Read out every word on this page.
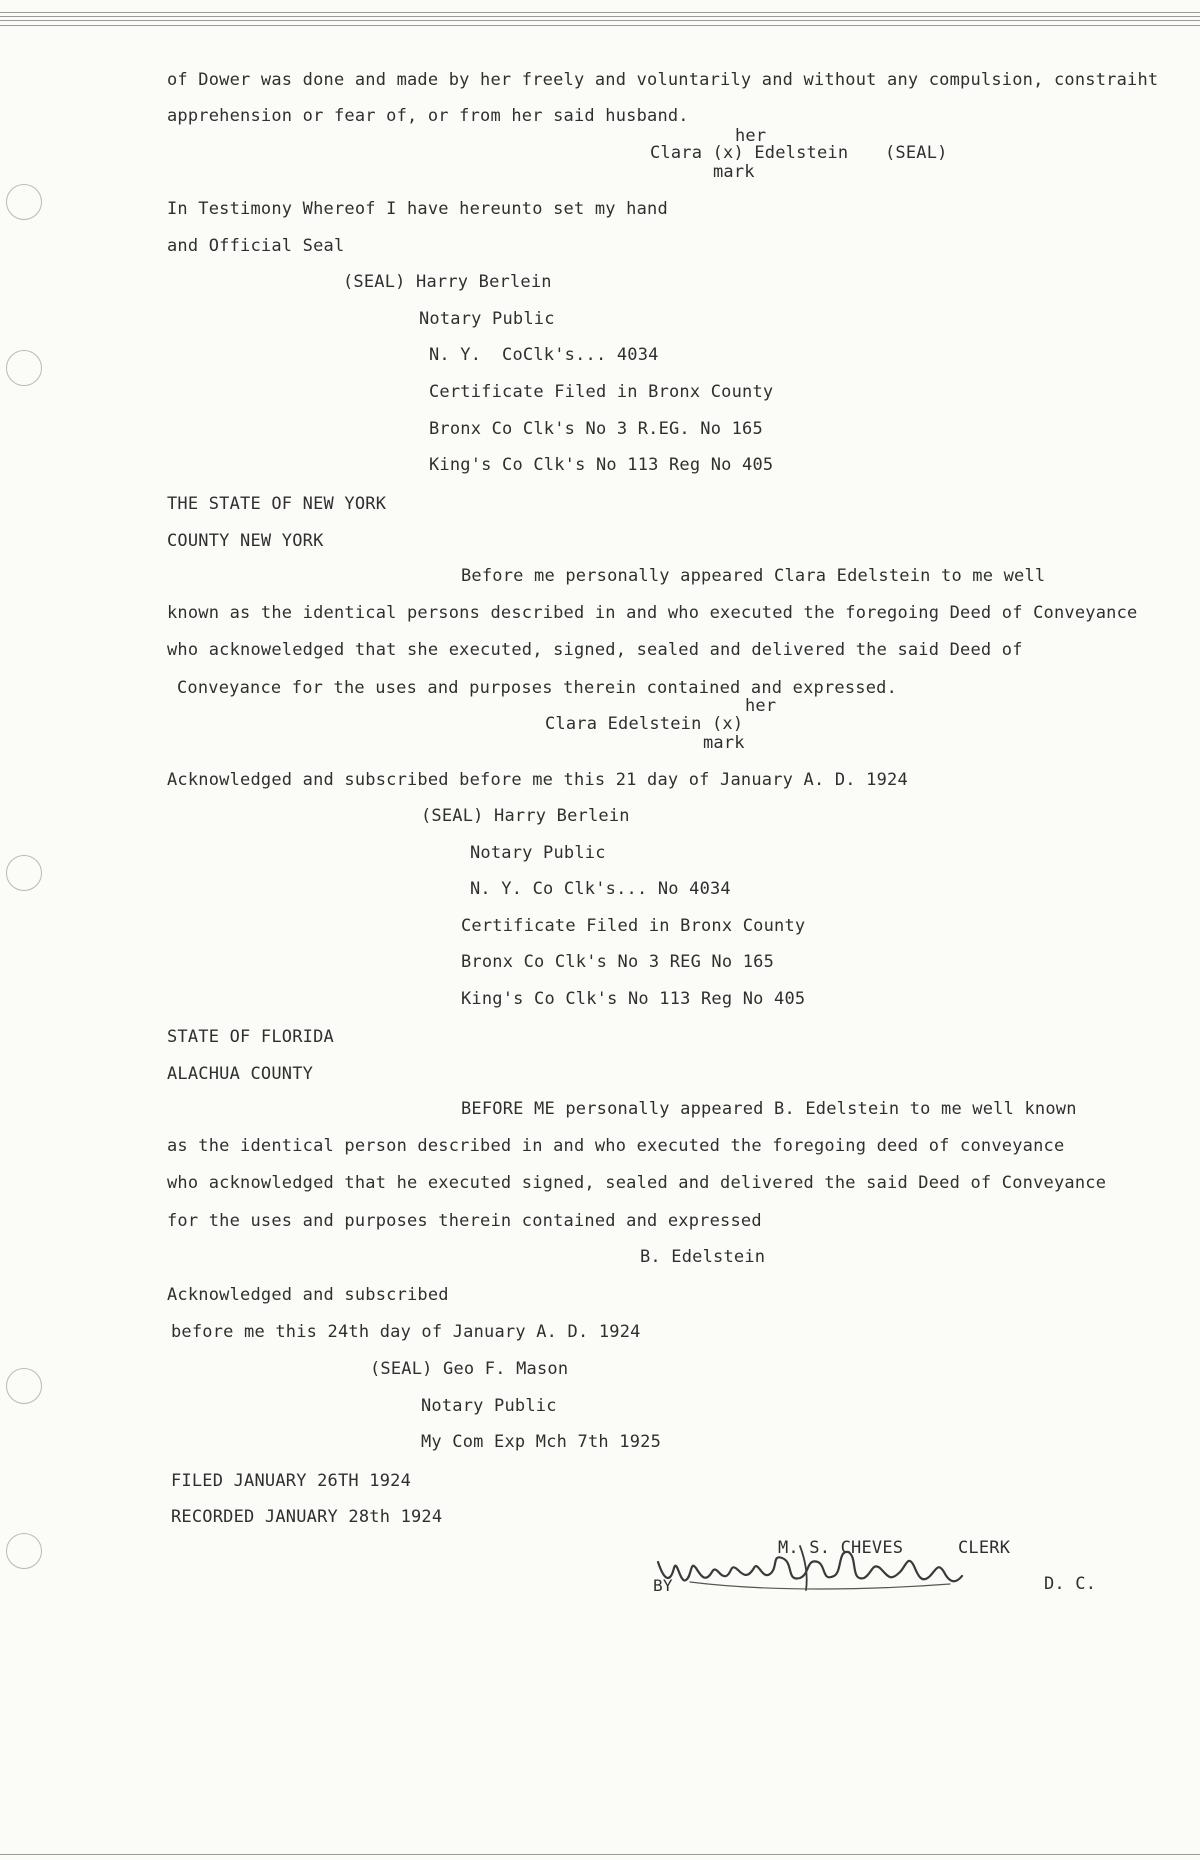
of Dower was done and made by her freely and voluntarily and without any compulsion, constraiht
apprehension or fear of, or from her said husband.
her
Clara (x) Edelstein (SEAL)
mark
In Testimony Whereof I have hereunto set my hand
and Official Seal
(SEAL) Harry Berlein
Notary Public
N. Y.  CoClk's... 4034
Certificate Filed in Bronx County
Bronx Co Clk's No 3 R.EG. No 165
King's Co Clk's No 113 Reg No 405
THE STATE OF NEW YORK
COUNTY NEW YORK
Before me personally appeared Clara Edelstein to me well
known as the identical persons described in and who executed the foregoing Deed of Conveyance
who acknoweledged that she executed, signed, sealed and delivered the said Deed of
Conveyance for the uses and purposes therein contained and expressed.
her
Clara Edelstein (x)
mark
Acknowledged and subscribed before me this 21 day of January A. D. 1924
(SEAL) Harry Berlein
Notary Public
N. Y. Co Clk's... No 4034
Certificate Filed in Bronx County
Bronx Co Clk's No 3 REG No 165
King's Co Clk's No 113 Reg No 405
STATE OF FLORIDA
ALACHUA COUNTY
BEFORE ME personally appeared B. Edelstein to me well known
as the identical person described in and who executed the foregoing deed of conveyance
who acknowledged that he executed signed, sealed and delivered the said Deed of Conveyance
for the uses and purposes therein contained and expressed
B. Edelstein
Acknowledged and subscribed
before me this 24th day of January A. D. 1924
(SEAL) Geo F. Mason
Notary Public
My Com Exp Mch 7th 1925
FILED JANUARY 26TH 1924
RECORDED JANUARY 28th 1924
M. S. CHEVES	CLERK
BY	D. C.
